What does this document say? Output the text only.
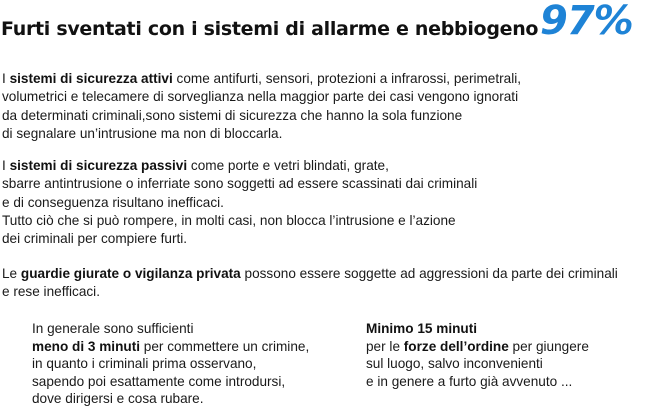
Furti sventati con i sistemi di allarme e nebbiogeno 97%
I sistemi di sicurezza attivi come antifurti, sensori, protezioni a infrarossi, perimetrali,
volumetrici e telecamere di sorveglianza nella maggior parte dei casi vengono ignorati
da determinati criminali,sono sistemi di sicurezza che hanno la sola funzione
di segnalare un’intrusione ma non di bloccarla.
I sistemi di sicurezza passivi come porte e vetri blindati, grate,
sbarre antintrusione o inferriate sono soggetti ad essere scassinati dai criminali
e di conseguenza risultano inefficaci.
Tutto ciò che si può rompere, in molti casi, non blocca l’intrusione e l’azione
dei criminali per compiere furti.
Le guardie giurate o vigilanza privata possono essere soggette ad aggressioni da parte dei criminali
e rese inefficaci.
In generale sono sufficienti
meno di 3 minuti per commettere un crimine,
in quanto i criminali prima osservano,
sapendo poi esattamente come introdursi,
dove dirigersi e cosa rubare.
Minimo 15 minuti
per le forze dell’ordine per giungere
sul luogo, salvo inconvenienti
e in genere a furto già avvenuto ...
